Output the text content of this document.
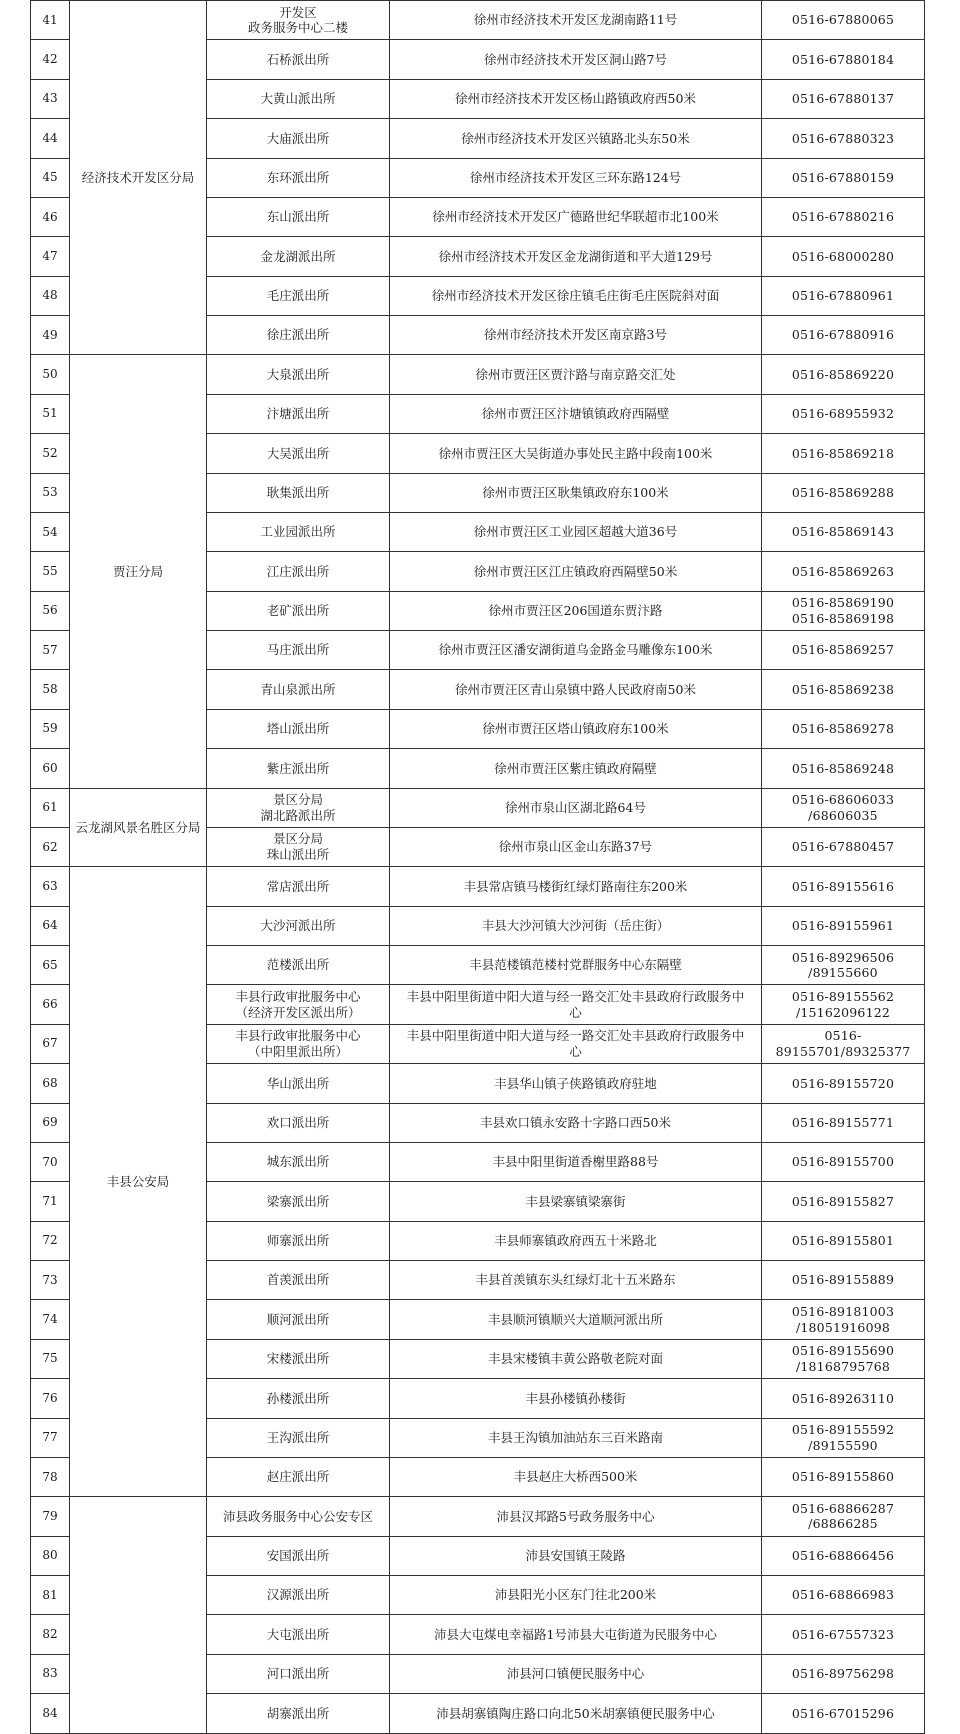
41	经济技术开发区分局	开发区
政务服务中心二楼	徐州市经济技术开发区龙湖南路11号	0516-67880065

42		石桥派出所	徐州市经济技术开发区洞山路7号	0516-67880184

43		大黄山派出所	徐州市经济技术开发区杨山路镇政府西50米	0516-67880137

44		大庙派出所	徐州市经济技术开发区兴镇路北头东50米	0516-67880323

45		东环派出所	徐州市经济技术开发区三环东路124号	0516-67880159

46		东山派出所	徐州市经济技术开发区广德路世纪华联超市北100米	0516-67880216

47		金龙湖派出所	徐州市经济技术开发区金龙湖街道和平大道129号	0516-68000280

48		毛庄派出所	徐州市经济技术开发区徐庄镇毛庄街毛庄医院斜对面	0516-67880961

49		徐庄派出所	徐州市经济技术开发区南京路3号	0516-67880916

50	贾汪分局	大泉派出所	徐州市贾汪区贾汴路与南京路交汇处	0516-85869220

51		汴塘派出所	徐州市贾汪区汴塘镇镇政府西隔壁	0516-68955932

52		大吴派出所	徐州市贾汪区大吴街道办事处民主路中段南100米	0516-85869218

53		耿集派出所	徐州市贾汪区耿集镇政府东100米	0516-85869288

54		工业园派出所	徐州市贾汪区工业园区超越大道36号	0516-85869143

55		江庄派出所	徐州市贾汪区江庄镇政府西隔壁50米	0516-85869263

56		老矿派出所	徐州市贾汪区206国道东贾汴路	0516-85869190
0516-85869198

57		马庄派出所	徐州市贾汪区潘安湖街道乌金路金马雕像东100米	0516-85869257

58		青山泉派出所	徐州市贾汪区青山泉镇中路人民政府南50米	0516-85869238

59		塔山派出所	徐州市贾汪区塔山镇政府东100米	0516-85869278

60		紫庄派出所	徐州市贾汪区紫庄镇政府隔壁	0516-85869248

61	云龙湖风景名胜区分局	景区分局
湖北路派出所	徐州市泉山区湖北路64号	0516-68606033
/68606035

62		景区分局
珠山派出所	徐州市泉山区金山东路37号	0516-67880457

63	丰县公安局	常店派出所	丰县常店镇马楼街红绿灯路南往东200米	0516-89155616

64		大沙河派出所	丰县大沙河镇大沙河街（岳庄街）	0516-89155961

65		范楼派出所	丰县范楼镇范楼村党群服务中心东隔壁	0516-89296506
/89155660

66		丰县行政审批服务中心
（经济开发区派出所）	丰县中阳里街道中阳大道与经一路交汇处丰县政府行政服务中
心	0516-89155562
/15162096122

67		丰县行政审批服务中心
（中阳里派出所）	丰县中阳里街道中阳大道与经一路交汇处丰县政府行政服务中
心	0516-
89155701/89325377

68		华山派出所	丰县华山镇子侠路镇政府驻地	0516-89155720

69		欢口派出所	丰县欢口镇永安路十字路口西50米	0516-89155771

70		城东派出所	丰县中阳里街道香榭里路88号	0516-89155700

71		梁寨派出所	丰县梁寨镇梁寨街	0516-89155827

72		师寨派出所	丰县师寨镇政府西五十米路北	0516-89155801

73		首羡派出所	丰县首羡镇东头红绿灯北十五米路东	0516-89155889

74		顺河派出所	丰县顺河镇顺兴大道顺河派出所	0516-89181003
/18051916098

75		宋楼派出所	丰县宋楼镇丰黄公路敬老院对面	0516-89155690
/18168795768

76		孙楼派出所	丰县孙楼镇孙楼街	0516-89263110

77		王沟派出所	丰县王沟镇加油站东三百米路南	0516-89155592
/89155590

78		赵庄派出所	丰县赵庄大桥西500米	0516-89155860

79		沛县政务服务中心公安专区	沛县汉邦路5号政务服务中心	0516-68866287
/68866285

80		安国派出所	沛县安国镇王陵路	0516-68866456

81		汉源派出所	沛县阳光小区东门往北200米	0516-68866983

82		大屯派出所	沛县大屯煤电幸福路1号沛县大屯街道为民服务中心	0516-67557323

83		河口派出所	沛县河口镇便民服务中心	0516-89756298

84		胡寨派出所	沛县胡寨镇陶庄路口向北50米胡寨镇便民服务中心	0516-67015296
